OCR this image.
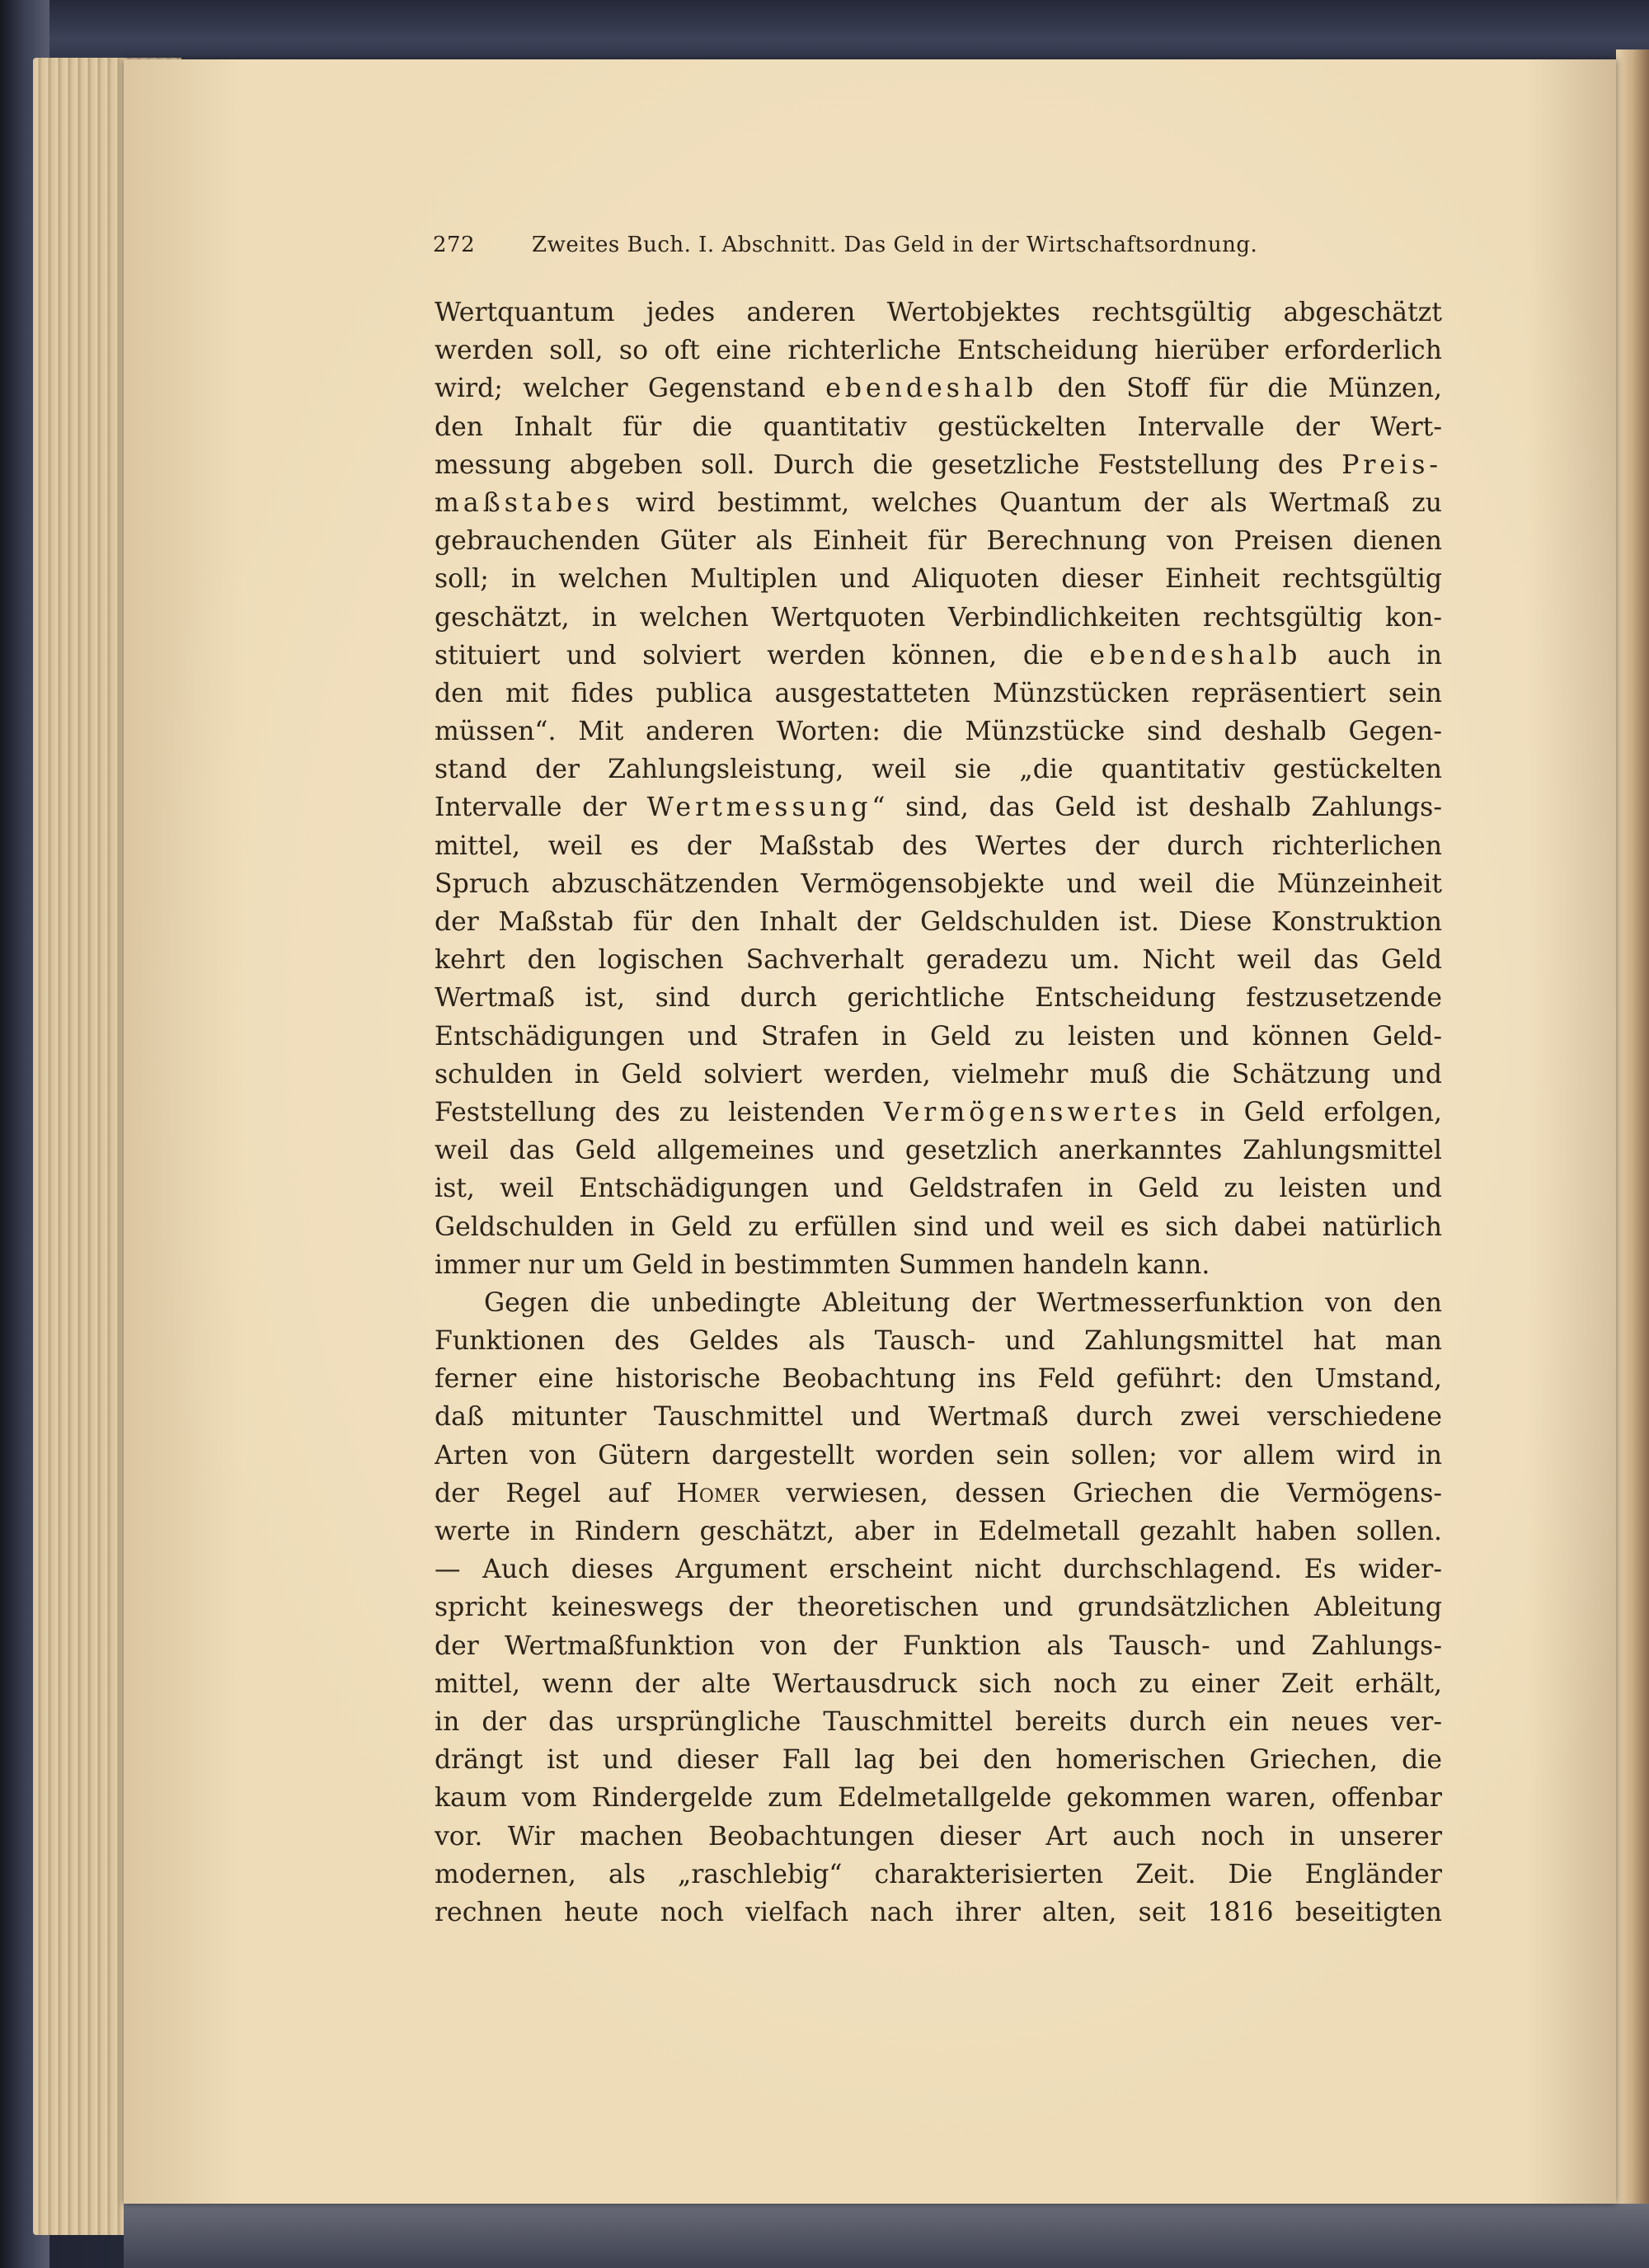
272	Zweites Buch. I. Abschnitt. Das Geld in der Wirtschaftsordnung.
Wertquantum jedes anderen Wertobjektes rechtsgültig abgeschätzt
werden soll, so oft eine richterliche Entscheidung hierüber erforderlich
wird; welcher Gegenstand ebendeshalb den Stoff für die Münzen,
den Inhalt für die quantitativ gestückelten Intervalle der Wert-
messung abgeben soll. Durch die gesetzliche Feststellung des Preis-
maßstabes wird bestimmt, welches Quantum der als Wertmaß zu
gebrauchenden Güter als Einheit für Berechnung von Preisen dienen
soll; in welchen Multiplen und Aliquoten dieser Einheit rechtsgültig
geschätzt, in welchen Wertquoten Verbindlichkeiten rechtsgültig kon-
stituiert und solviert werden können, die ebendeshalb auch in
den mit fides publica ausgestatteten Münzstücken repräsentiert sein
müssen“. Mit anderen Worten: die Münzstücke sind deshalb Gegen-
stand der Zahlungsleistung, weil sie „die quantitativ gestückelten
Intervalle der Wertmessung“ sind, das Geld ist deshalb Zahlungs-
mittel, weil es der Maßstab des Wertes der durch richterlichen
Spruch abzuschätzenden Vermögensobjekte und weil die Münzeinheit
der Maßstab für den Inhalt der Geldschulden ist. Diese Konstruktion
kehrt den logischen Sachverhalt geradezu um. Nicht weil das Geld
Wertmaß ist, sind durch gerichtliche Entscheidung festzusetzende
Entschädigungen und Strafen in Geld zu leisten und können Geld-
schulden in Geld solviert werden, vielmehr muß die Schätzung und
Feststellung des zu leistenden Vermögenswertes in Geld erfolgen,
weil das Geld allgemeines und gesetzlich anerkanntes Zahlungsmittel
ist, weil Entschädigungen und Geldstrafen in Geld zu leisten und
Geldschulden in Geld zu erfüllen sind und weil es sich dabei natürlich
immer nur um Geld in bestimmten Summen handeln kann.
Gegen die unbedingte Ableitung der Wertmesserfunktion von den
Funktionen des Geldes als Tausch- und Zahlungsmittel hat man
ferner eine historische Beobachtung ins Feld geführt: den Umstand,
daß mitunter Tauschmittel und Wertmaß durch zwei verschiedene
Arten von Gütern dargestellt worden sein sollen; vor allem wird in
der Regel auf Homer verwiesen, dessen Griechen die Vermögens-
werte in Rindern geschätzt, aber in Edelmetall gezahlt haben sollen.
— Auch dieses Argument erscheint nicht durchschlagend. Es wider-
spricht keineswegs der theoretischen und grundsätzlichen Ableitung
der Wertmaßfunktion von der Funktion als Tausch- und Zahlungs-
mittel, wenn der alte Wertausdruck sich noch zu einer Zeit erhält,
in der das ursprüngliche Tauschmittel bereits durch ein neues ver-
drängt ist und dieser Fall lag bei den homerischen Griechen, die
kaum vom Rindergelde zum Edelmetallgelde gekommen waren, offenbar
vor. Wir machen Beobachtungen dieser Art auch noch in unserer
modernen, als „raschlebig“ charakterisierten Zeit. Die Engländer
rechnen heute noch vielfach nach ihrer alten, seit 1816 beseitigten
